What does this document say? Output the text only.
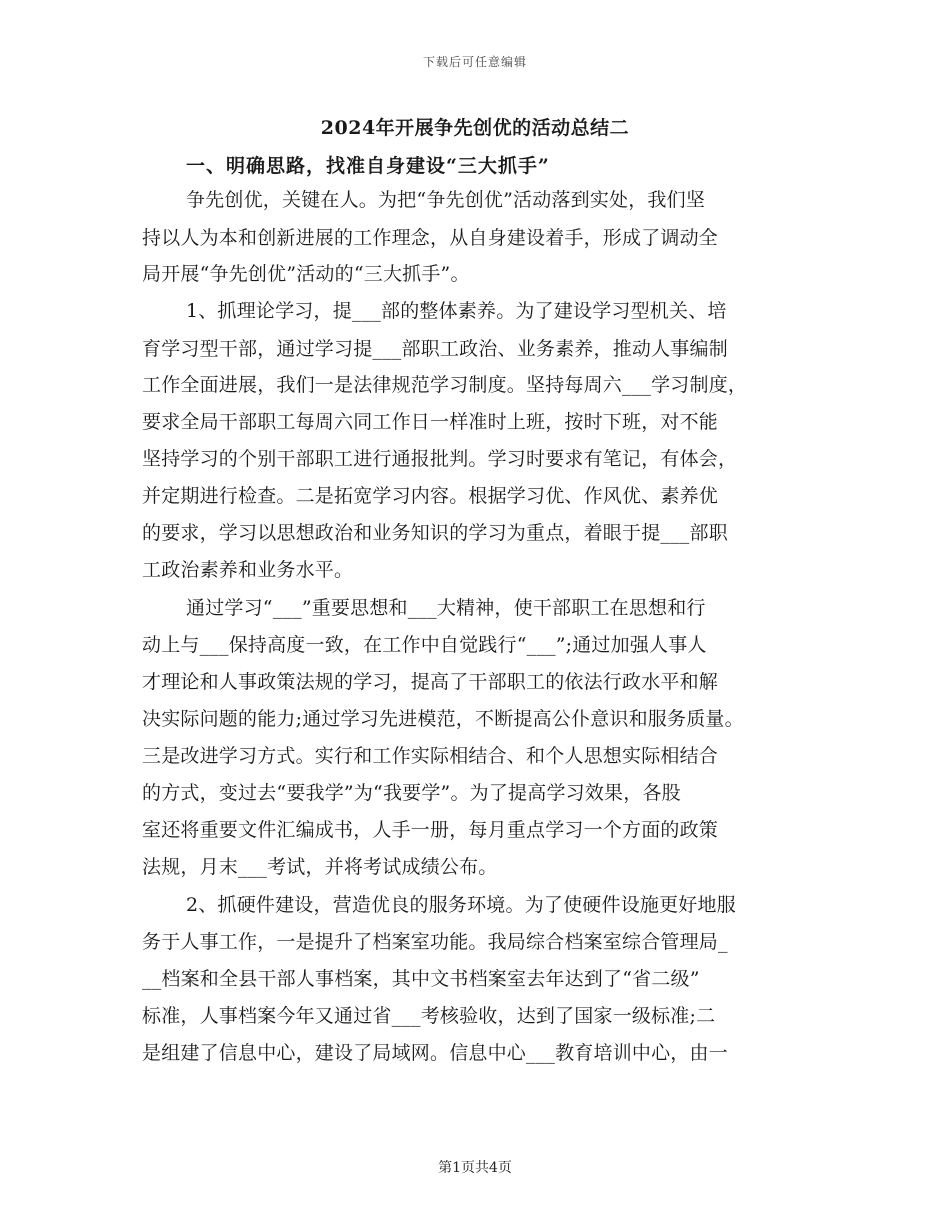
下载后可任意编辑
2024年开展争先创优的活动总结二
一、明确思路，找准自身建设“三大抓手”
争先创优，关键在人。为把“争先创优”活动落到实处，我们坚
持以人为本和创新进展的工作理念，从自身建设着手，形成了调动全
局开展“争先创优”活动的“三大抓手”。
1、抓理论学习，提___部的整体素养。为了建设学习型机关、培
育学习型干部，通过学习提___部职工政治、业务素养，推动人事编制
工作全面进展，我们一是法律规范学习制度。坚持每周六___学习制度，
要求全局干部职工每周六同工作日一样准时上班，按时下班，对不能
坚持学习的个别干部职工进行通报批判。学习时要求有笔记，有体会，
并定期进行检查。二是拓宽学习内容。根据学习优、作风优、素养优
的要求，学习以思想政治和业务知识的学习为重点，着眼于提___部职
工政治素养和业务水平。
通过学习“___”重要思想和___大精神，使干部职工在思想和行
动上与___保持高度一致，在工作中自觉践行“___”;通过加强人事人
才理论和人事政策法规的学习，提高了干部职工的依法行政水平和解
决实际问题的能力;通过学习先进模范，不断提高公仆意识和服务质量。
三是改进学习方式。实行和工作实际相结合、和个人思想实际相结合
的方式，变过去“要我学”为“我要学”。为了提高学习效果，各股
室还将重要文件汇编成书，人手一册，每月重点学习一个方面的政策
法规，月末___考试，并将考试成绩公布。
2、抓硬件建设，营造优良的服务环境。为了使硬件设施更好地服
务于人事工作，一是提升了档案室功能。我局综合档案室综合管理局_
__档案和全县干部人事档案，其中文书档案室去年达到了“省二级”
标准，人事档案今年又通过省___考核验收，达到了国家一级标准;二
是组建了信息中心，建设了局域网。信息中心___教育培训中心，由一
第1页共4页
